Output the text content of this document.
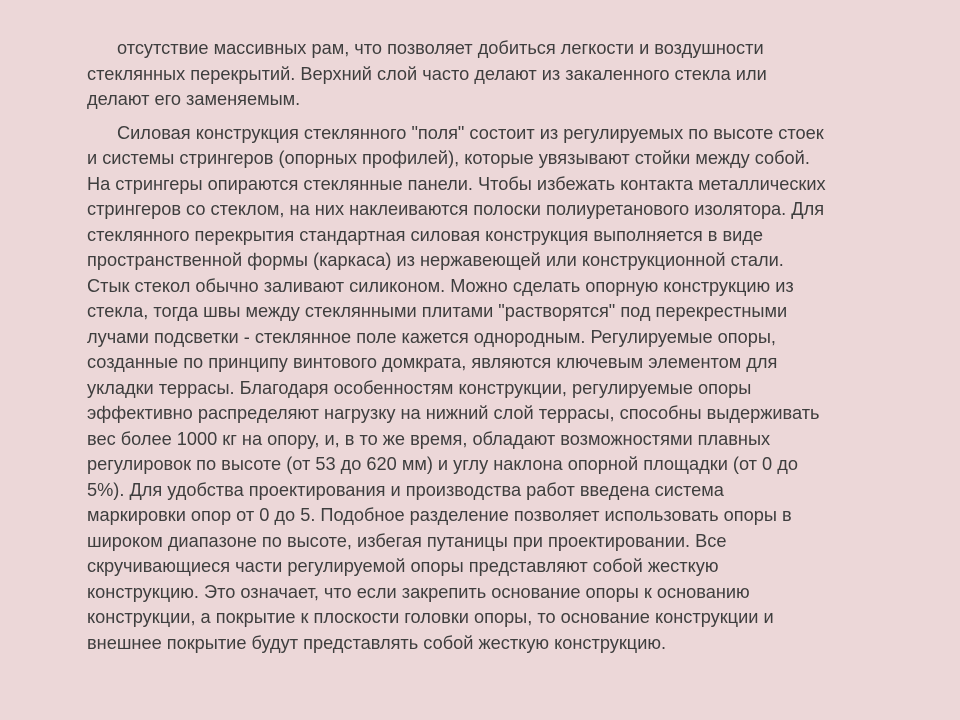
отсутствие массивных рам, что позволяет добиться легкости и воздушности
стеклянных перекрытий. Верхний слой часто делают из закаленного стекла или
делают его заменяемым.

Силовая конструкция стеклянного "поля" состоит из регулируемых по высоте стоек
и системы стрингеров (опорных профилей), которые увязывают стойки между собой.
На стрингеры опираются стеклянные панели. Чтобы избежать контакта металлических
стрингеров со стеклом, на них наклеиваются полоски полиуретанового изолятора. Для
стеклянного перекрытия стандартная силовая конструкция выполняется в виде
пространственной формы (каркаса) из нержавеющей или конструкционной стали.
Стык стекол обычно заливают силиконом. Можно сделать опорную конструкцию из
стекла, тогда швы между стеклянными плитами "растворятся" под перекрестными
лучами подсветки - стеклянное поле кажется однородным. Регулируемые опоры,
созданные по принципу винтового домкрата, являются ключевым элементом для
укладки террасы. Благодаря особенностям конструкции, регулируемые опоры
эффективно распределяют нагрузку на нижний слой террасы, способны выдерживать
вес более 1000 кг на опору, и, в то же время, обладают возможностями плавных
регулировок по высоте (от 53 до 620 мм) и углу наклона опорной площадки (от 0 до
5%). Для удобства проектирования и производства работ введена система
маркировки опор от 0 до 5. Подобное разделение позволяет использовать опоры в
широком диапазоне по высоте, избегая путаницы при проектировании. Все
скручивающиеся части регулируемой опоры представляют собой жесткую
конструкцию. Это означает, что если закрепить основание опоры к основанию
конструкции, а покрытие к плоскости головки опоры, то основание конструкции и
внешнее покрытие будут представлять собой жесткую конструкцию.
